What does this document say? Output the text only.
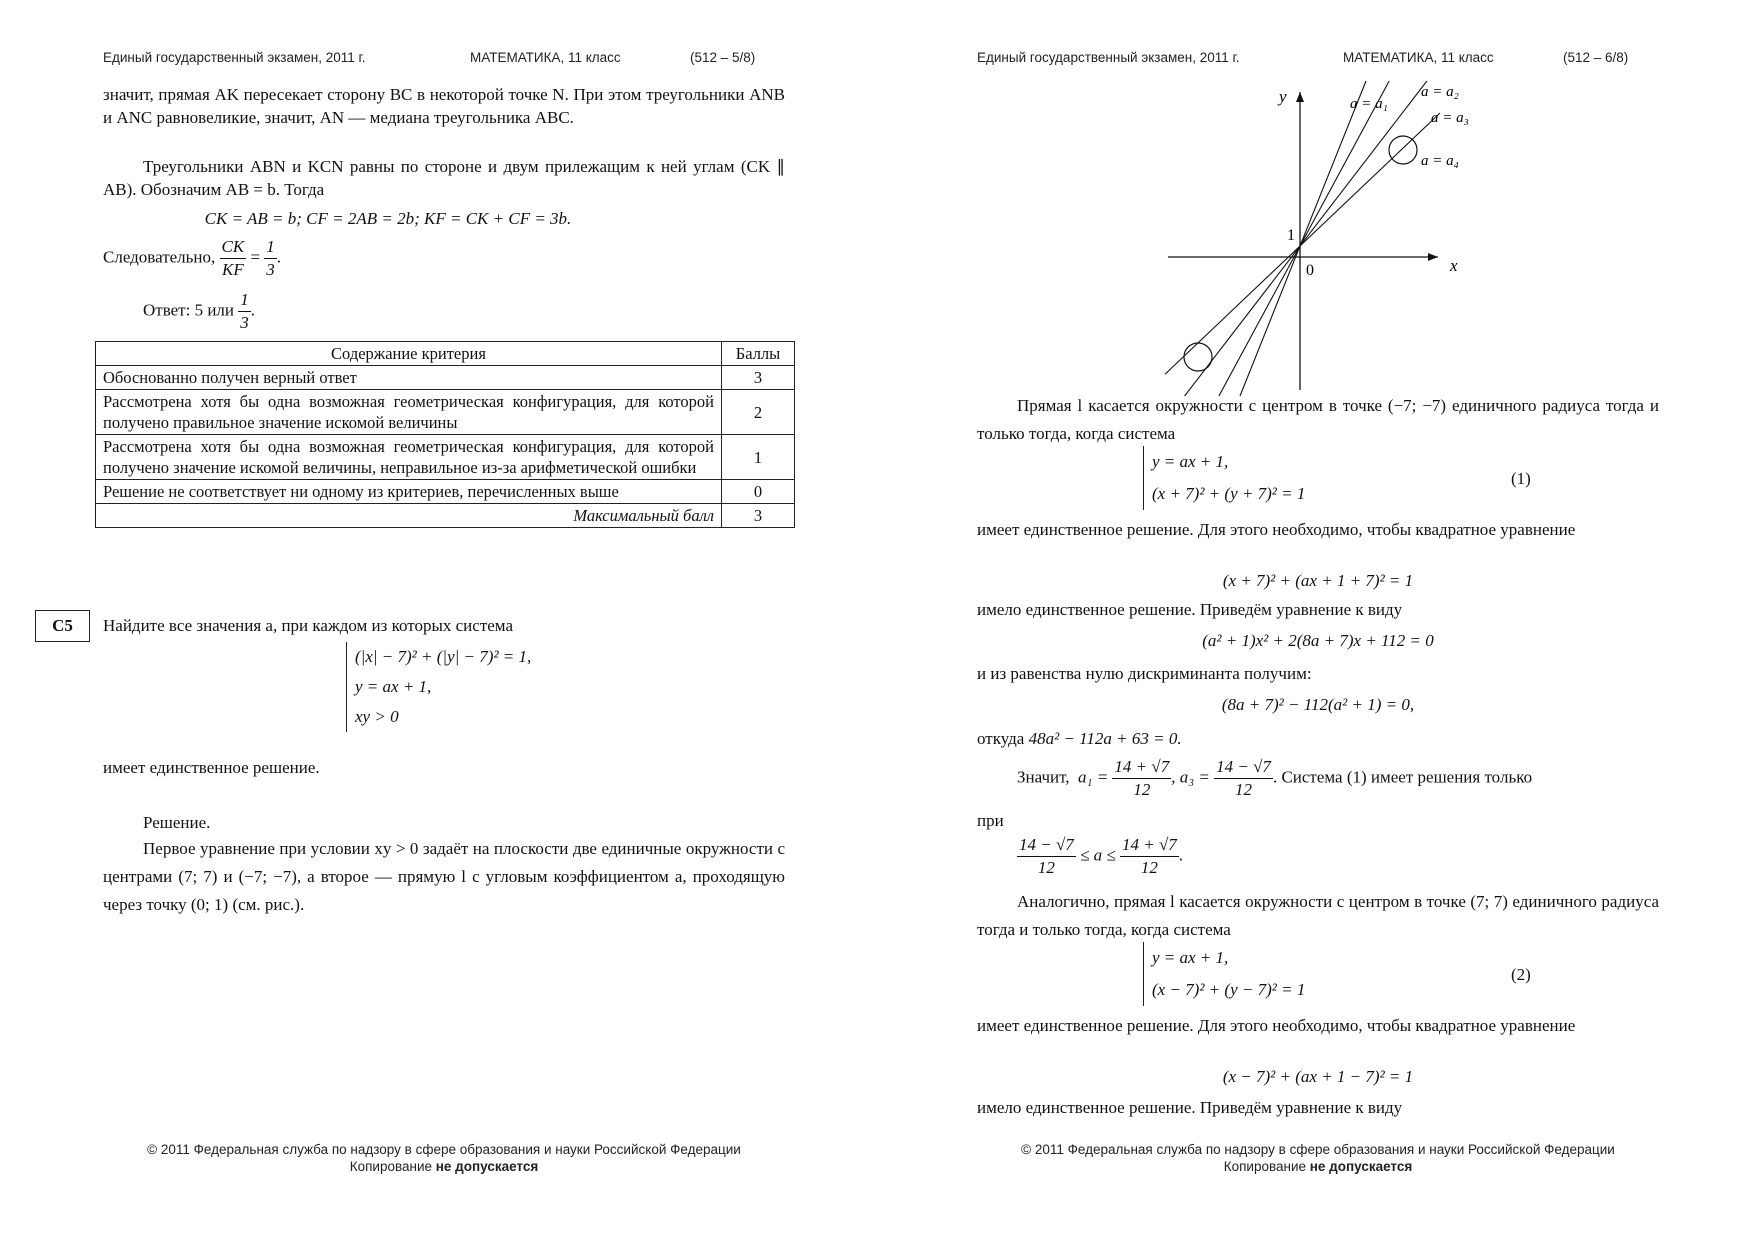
Единый государственный экзамен, 2011 г.	МАТЕМАТИКА, 11 класс	(512 – 5/8)
значит, прямая AK пересекает сторону BC в некоторой точке N. При этом треугольники ANB и ANC равновеликие, значит, AN — медиана треугольника ABC.
Треугольники ABN и KCN равны по стороне и двум прилежащим к ней углам (CK ∥ AB). Обозначим AB = b. Тогда
CK = AB = b; CF = 2AB = 2b; KF = CK + CF = 3b.
Следовательно, $\frac{CK}{KF} = \frac{1}{3}$ .
Ответ: 5 или $\frac{1}{3}$ .
Содержание критерия	Баллы
Обоснованно получен верный ответ	3
Рассмотрена хотя бы одна возможная геометрическая конфигурация, для которой получено правильное значение искомой величины	2
Рассмотрена хотя бы одна возможная геометрическая конфигурация, для которой получено значение искомой величины, неправильное из-за арифметической ошибки	1
Решение не соответствует ни одному из критериев, перечисленных выше	0
Максимальный балл	3
C5	Найдите все значения a, при каждом из которых система
(|x| − 7)² + (|y| − 7)² = 1,
y = ax + 1,
xy > 0
имеет единственное решение.
Решение.
Первое уравнение при условии xy > 0 задаёт на плоскости две единичные окружности с центрами (7; 7) и (−7; −7), а второе — прямую l с угловым коэффициентом a, проходящую через точку (0; 1) (см. рис.).
© 2011 Федеральная служба по надзору в сфере образования и науки Российской Федерации
Копирование не допускается
Единый государственный экзамен, 2011 г.	МАТЕМАТИКА, 11 класс	(512 – 6/8)
y
x
1
0
a = a₁
a = a₂
a = a₃
a = a₄
Прямая l касается окружности с центром в точке (−7; −7) единичного радиуса тогда и только тогда, когда система
y = ax + 1,
(x + 7)² + (y + 7)² = 1
(1)
имеет единственное решение. Для этого необходимо, чтобы квадратное уравнение
(x + 7)² + (ax + 1 + 7)² = 1
имело единственное решение. Приведём уравнение к виду
(a² + 1)x² + 2(8a + 7)x + 112 = 0
и из равенства нулю дискриминанта получим:
(8a + 7)² − 112(a² + 1) = 0,
откуда 48a² − 112a + 63 = 0.
Значит, $a_1 = \frac{14 + √7}{12}$ , $a_3 = \frac{14 - √7}{12}$ . Система (1) имеет решения только
при
$\frac{14 - √7}{12} \le a \le \frac{14 + √7}{12}$ .
Аналогично, прямая l касается окружности с центром в точке (7; 7) единичного радиуса тогда и только тогда, когда система
y = ax + 1,
(x − 7)² + (y − 7)² = 1
(2)
имеет единственное решение. Для этого необходимо, чтобы квадратное уравнение
(x − 7)² + (ax + 1 − 7)² = 1
имело единственное решение. Приведём уравнение к виду
© 2011 Федеральная служба по надзору в сфере образования и науки Российской Федерации
Копирование не допускается
